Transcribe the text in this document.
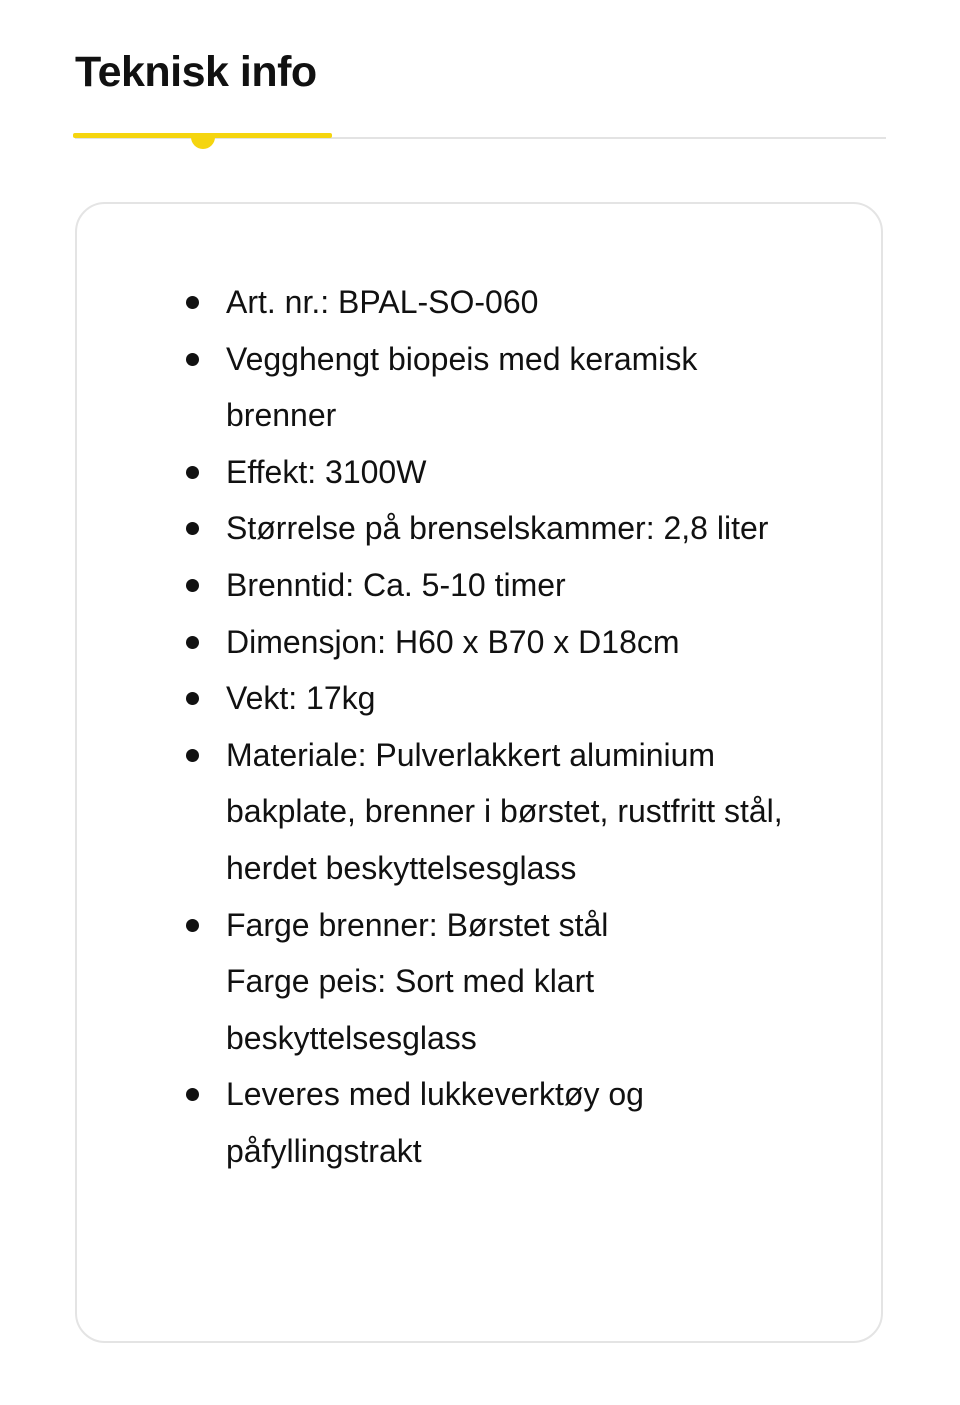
Teknisk info
Art. nr.: BPAL-SO-060
Vegghengt biopeis med keramisk brenner
Effekt: 3100W
Størrelse på brenselskammer: 2,8 liter
Brenntid: Ca. 5-10 timer
Dimensjon: H60 x B70 x D18cm
Vekt: 17kg
Materiale: Pulverlakkert aluminium bakplate, brenner i børstet, rustfritt stål, herdet beskyttelsesglass
Farge brenner: Børstet stål
Farge peis: Sort med klart beskyttelsesglass
Leveres med lukkeverktøy og påfyllingstrakt
